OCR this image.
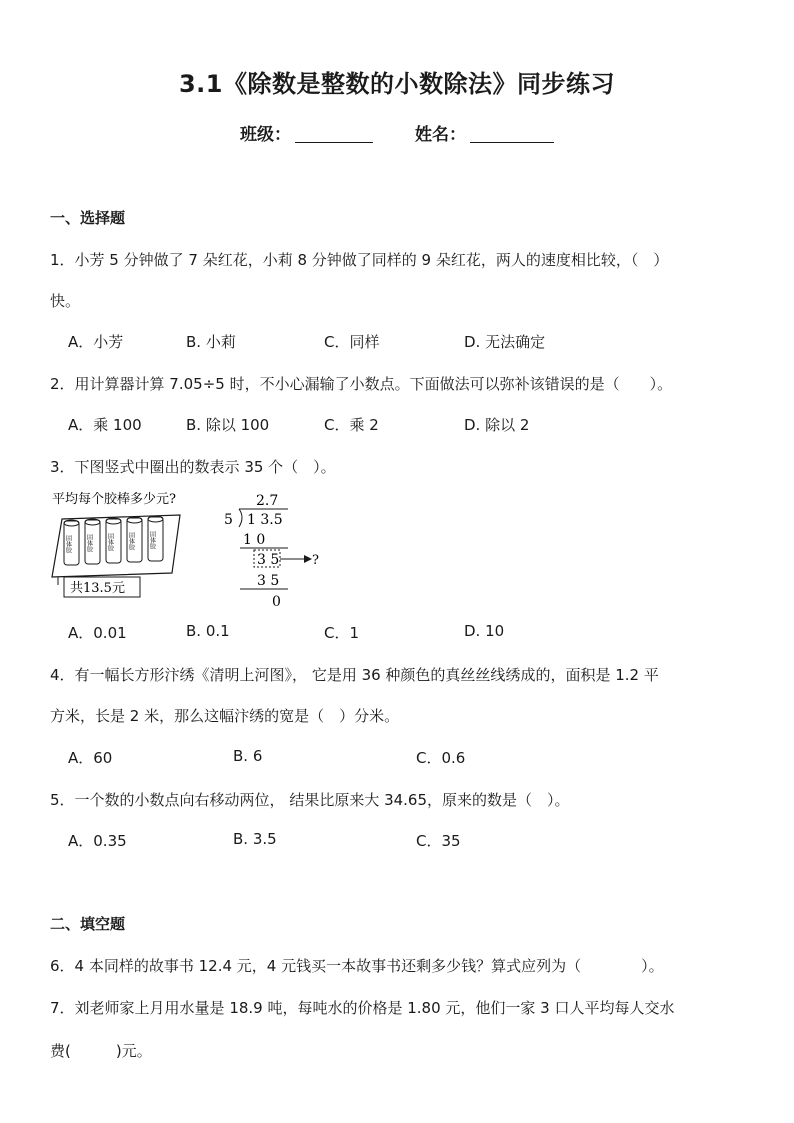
3.1《除数是整数的小数除法》同步练习
班级：	姓名：
一、选择题
1．小芳 5 分钟做了 7 朵红花，小莉 8 分钟做了同样的 9 朵红花，两人的速度相比较，（　）
快。
A．小芳	B. 小莉	C．同样	D. 无法确定
2．用计算器计算 7.05÷5 时，不小心漏输了小数点。下面做法可以弥补该错误的是（　　）。
A．乘 100	B. 除以 100	C．乘 2	D. 除以 2
3．下图竖式中圈出的数表示 35 个（　）。
平均每个胶棒多少元?
固体胶 固体胶 固体胶 固体胶 固体胶
共13.5元
2.7
5 1 3.5
1 0
3 5	?
3 5
0
A．0.01	B. 0.1	C．1	D. 10
4．有一幅长方形汴绣《清明上河图》， 它是用 36 种颜色的真丝丝线绣成的，面积是 1.2 平
方米，长是 2 米，那么这幅汴绣的宽是（　）分米。
A．60	B. 6	C．0.6
5．一个数的小数点向右移动两位， 结果比原来大 34.65，原来的数是（　）。
A．0.35	B. 3.5	C．35
二、填空题
6．4 本同样的故事书 12.4 元，4 元钱买一本故事书还剩多少钱？算式应列为（　　　　）。
7．刘老师家上月用水量是 18.9 吨，每吨水的价格是 1.80 元，他们一家 3 口人平均每人交水
费(　　　)元。
